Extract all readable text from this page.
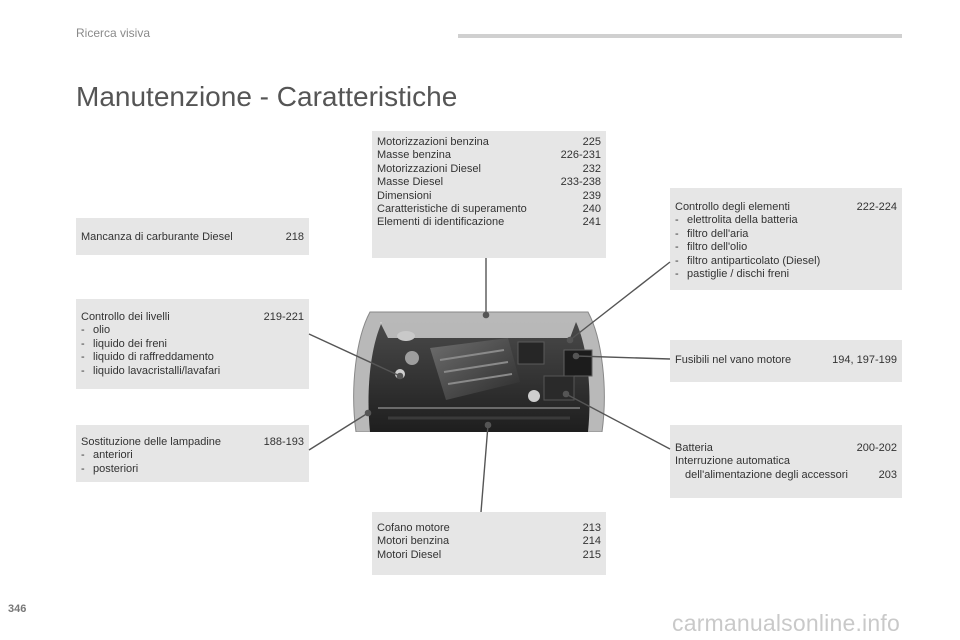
Ricerca visiva
Manutenzione - Caratteristiche
Motorizzazioni benzina	225
Masse benzina	226-231
Motorizzazioni Diesel	232
Masse Diesel	233-238
Dimensioni	239
Caratteristiche di superamento	240
Elementi di identificazione	241
Mancanza di carburante Diesel	218
Controllo dei livelli	219-221
- olio
- liquido dei freni
- liquido di raffreddamento
- liquido lavacristalli/lavafari
Sostituzione delle lampadine	188-193
- anteriori
- posteriori
Controllo degli elementi	222-224
- elettrolita della batteria
- filtro dell'aria
- filtro dell'olio
- filtro antiparticolato (Diesel)
- pastiglie / dischi freni
Fusibili nel vano motore	194, 197-199
Batteria	200-202
Interruzione automatica
dell'alimentazione degli accessori	203
Cofano motore	213
Motori benzina	214
Motori Diesel	215
346
carmanualsonline.info
